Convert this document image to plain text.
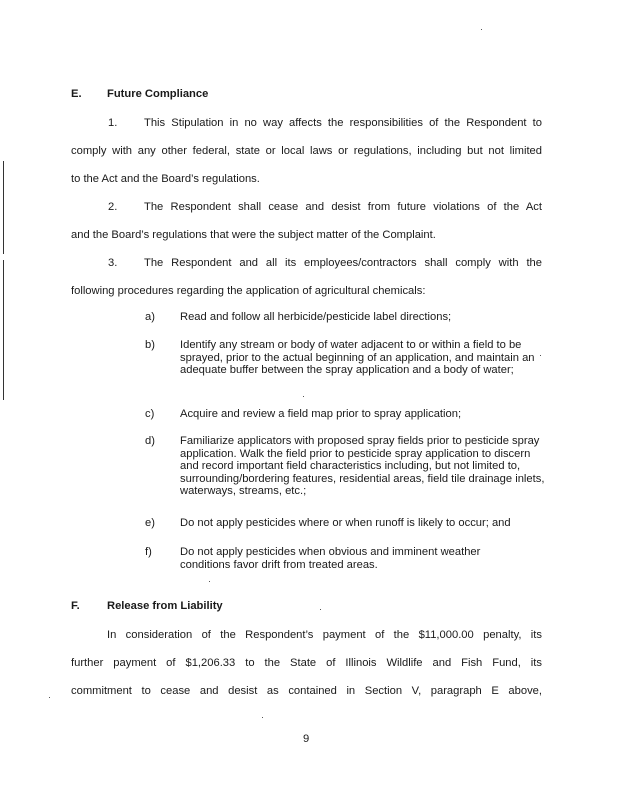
E. Future Compliance
1. This Stipulation in no way affects the responsibilities of the Respondent to
comply with any other federal, state or local laws or regulations, including but not limited
to the Act and the Board’s regulations.
2. The Respondent shall cease and desist from future violations of the Act
and the Board’s regulations that were the subject matter of the Complaint.
3. The Respondent and all its employees/contractors shall comply with the
following procedures regarding the application of agricultural chemicals:
a) Read and follow all herbicide/pesticide label directions;
b) Identify any stream or body of water adjacent to or within a field to be sprayed, prior to the actual beginning of an application, and maintain an adequate buffer between the spray application and a body of water;
c) Acquire and review a field map prior to spray application;
d) Familiarize applicators with proposed spray fields prior to pesticide spray application. Walk the field prior to pesticide spray application to discern and record important field characteristics including, but not limited to, surrounding/bordering features, residential areas, field tile drainage inlets, waterways, streams, etc.;
e) Do not apply pesticides where or when runoff is likely to occur; and
f)	Do not apply pesticides when obvious and imminent weather conditions favor drift from treated areas.
F. Release from Liability
In consideration of the Respondent’s payment of the $11,000.00 penalty, its
further payment of $1,206.33 to the State of Illinois Wildlife and Fish Fund, its
commitment to cease and desist as contained in Section V, paragraph E above,
9
